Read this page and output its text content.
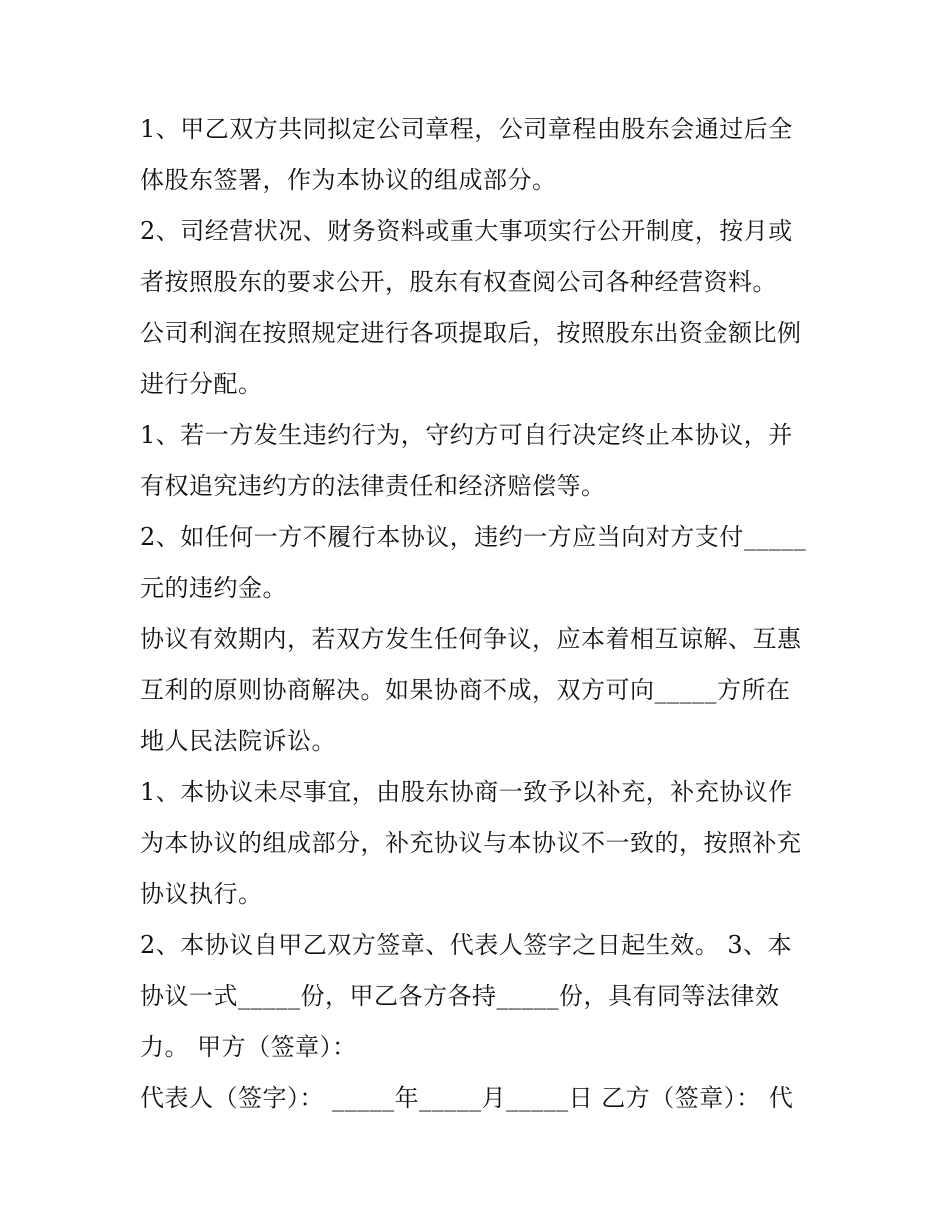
1、甲乙双方共同拟定公司章程，公司章程由股东会通过后全
体股东签署，作为本协议的组成部分。
2、司经营状况、财务资料或重大事项实行公开制度，按月或
者按照股东的要求公开，股东有权查阅公司各种经营资料。
公司利润在按照规定进行各项提取后，按照股东出资金额比例
进行分配。
1、若一方发生违约行为，守约方可自行决定终止本协议，并
有权追究违约方的法律责任和经济赔偿等。
2、如任何一方不履行本协议，违约一方应当向对方支付_____
元的违约金。
协议有效期内，若双方发生任何争议，应本着相互谅解、互惠
互利的原则协商解决。如果协商不成，双方可向_____方所在
地人民法院诉讼。
1、本协议未尽事宜，由股东协商一致予以补充，补充协议作
为本协议的组成部分，补充协议与本协议不一致的，按照补充
协议执行。
2、本协议自甲乙双方签章、代表人签字之日起生效。 3、本
协议一式_____份，甲乙各方各持_____份，具有同等法律效
力。 甲方（签章）：
代表人（签字）： _____年_____月_____日 乙方（签章）： 代
